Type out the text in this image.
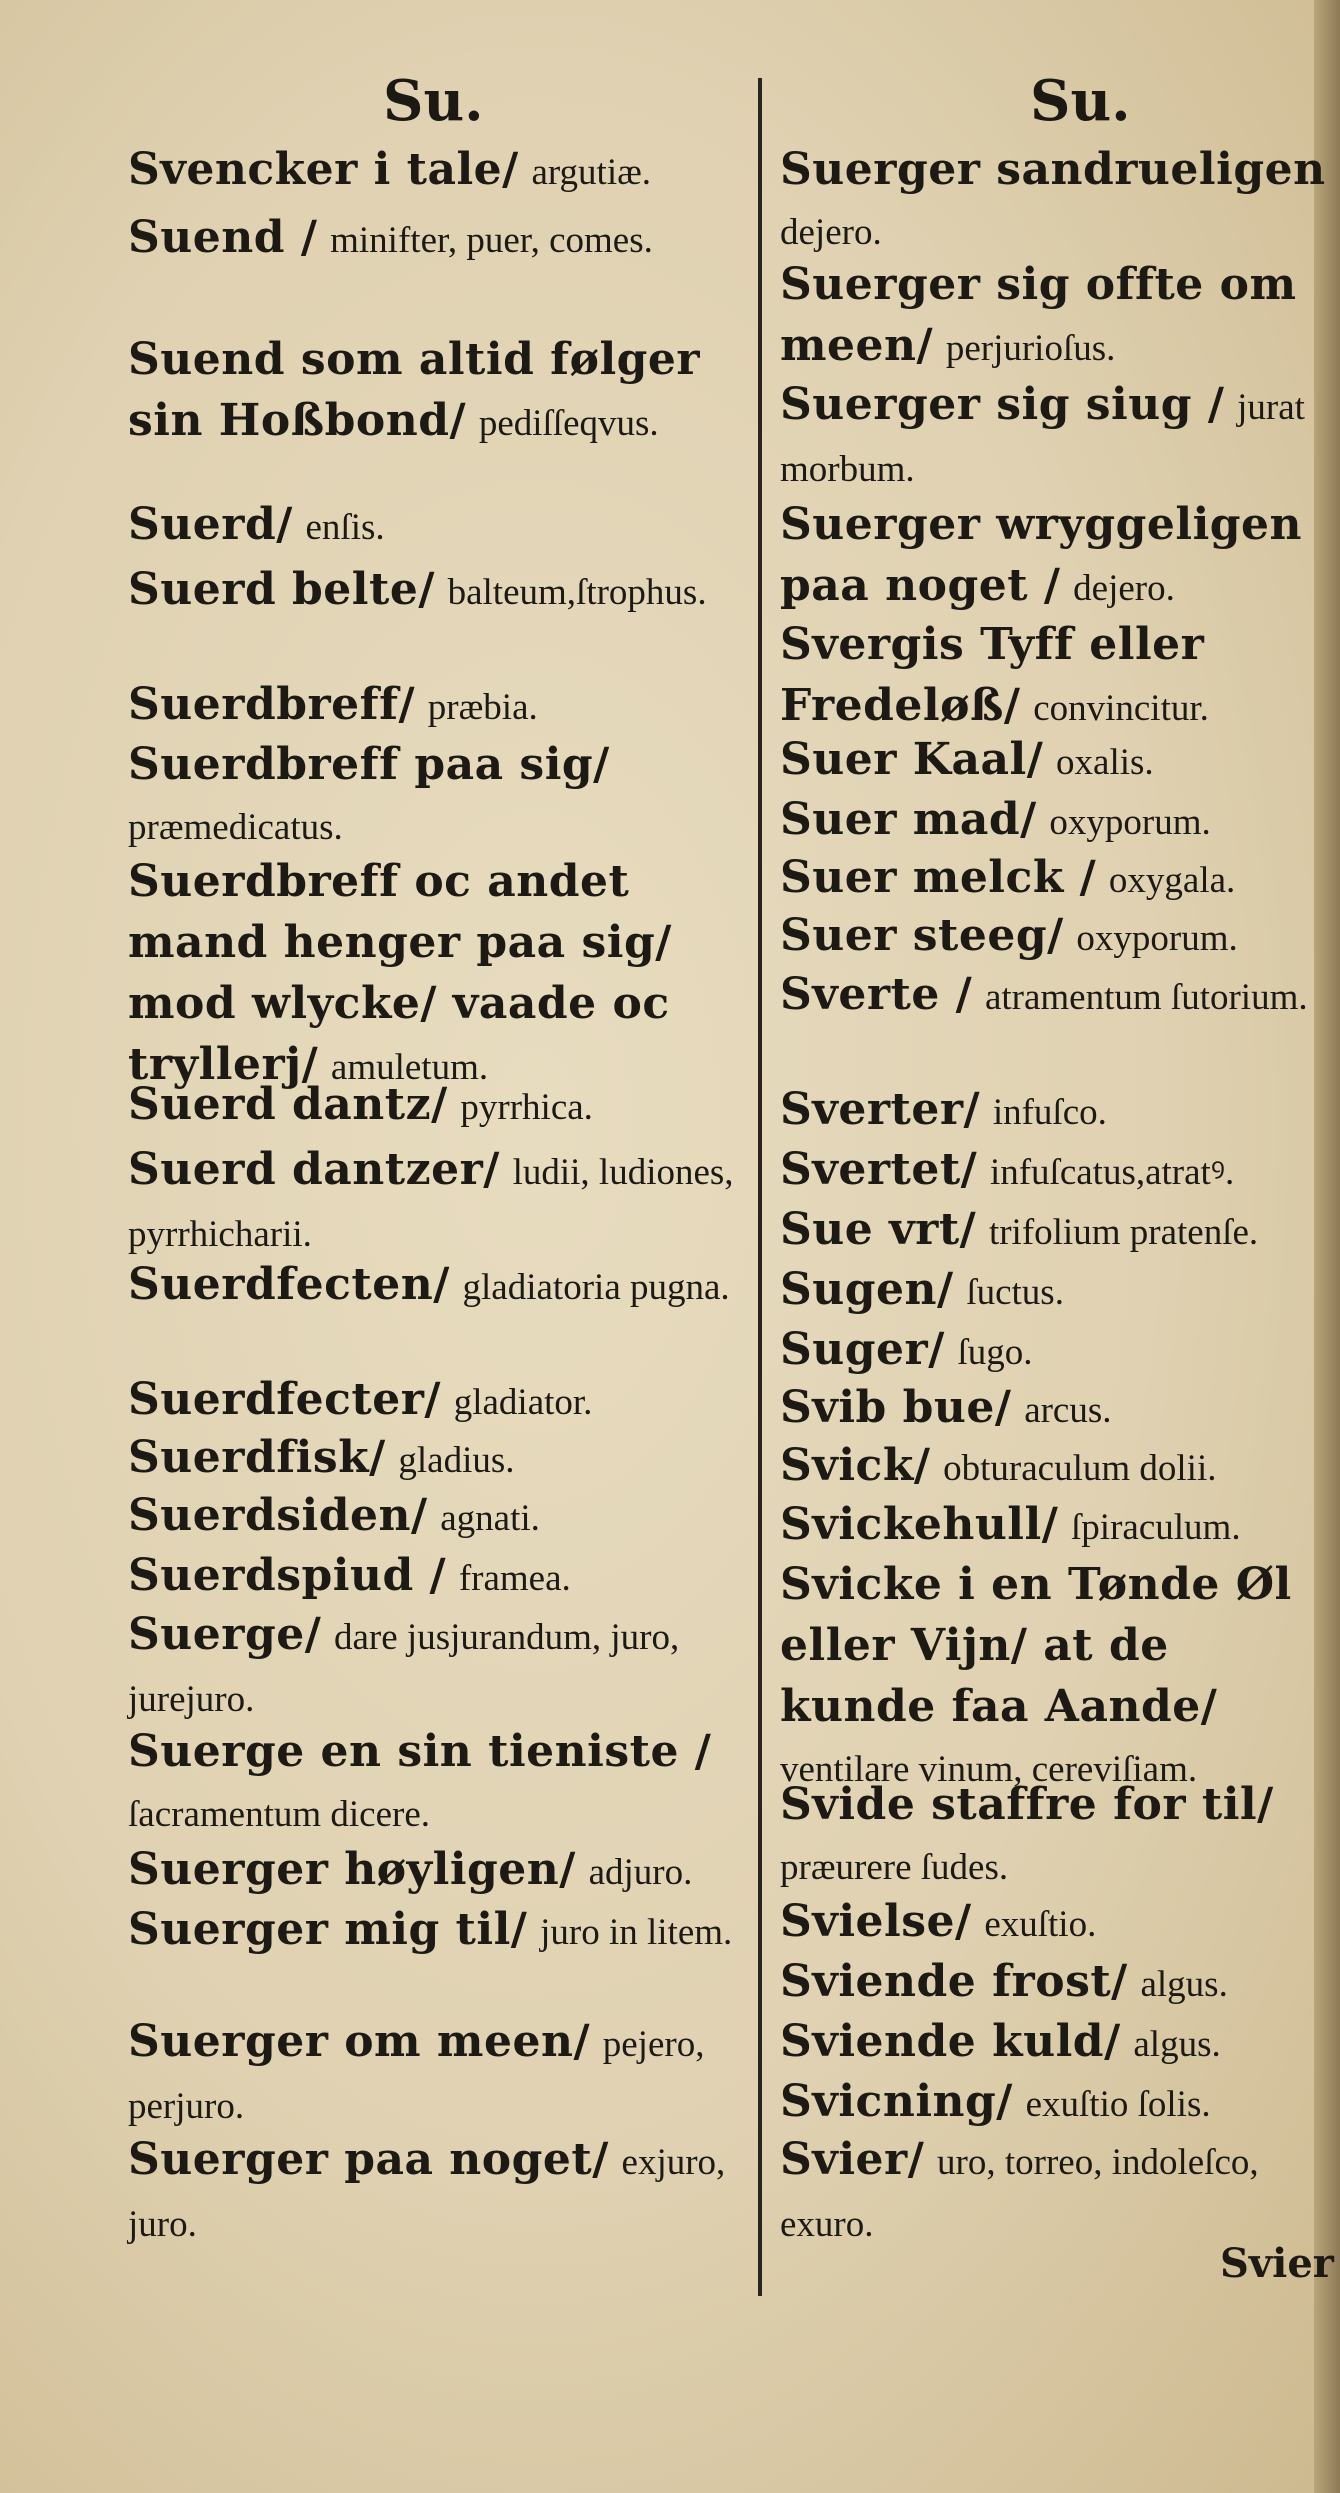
Su.
Svencker i tale/ argutiæ.
Suend / minifter, puer, comes.
Suend som altid følger sin Hoßbond/ pediſſeqvus.
Suerd/ enſis.
Suerd belte/ balteum,ſtrophus.
Suerdbreff/ præbia.
Suerdbreff paa sig/ præmedicatus.
Suerdbreff oc andet mand henger paa sig/ mod wlycke/ vaade oc tryllerj/ amuletum.
Suerd dantz/ pyrrhica.
Suerd dantzer/ ludii, ludiones, pyrrhicharii.
Suerdfecten/ gladiatoria pugna.
Suerdfecter/ gladiator.
Suerdfisk/ gladius.
Suerdsiden/ agnati.
Suerdspiud / framea.
Suerge/ dare jusjurandum, juro, jurejuro.
Suerge en sin tieniste / ſacramentum dicere.
Suerger høyligen/ adjuro.
Suerger mig til/ juro in litem.
Suerger om meen/ pejero, perjuro.
Suerger paa noget/ exjuro, juro.
Su.
Suerger sandrueligen dejero.
Suerger sig offte om meen/ perjurioſus.
Suerger sig siug / jurat morbum.
Suerger wryggeligen paa noget / dejero.
Svergis Tyff eller Fredeløß/ convincitur.
Suer Kaal/ oxalis.
Suer mad/ oxyporum.
Suer melck / oxygala.
Suer steeg/ oxyporum.
Sverte / atramentum ſutorium.
Sverter/ infuſco.
Svertet/ infuſcatus,atratꝰ.
Sue vrt/ trifolium pratenſe.
Sugen/ ſuctus.
Suger/ ſugo.
Svib bue/ arcus.
Svick/ obturaculum dolii.
Svickehull/ ſpiraculum.
Svicke i en Tønde Øl eller Vijn/ at de kunde faa Aande/ ventilare vinum, cereviſiam.
Svide staffre for til/ præurere ſudes.
Svielse/ exuſtio.
Sviende frost/ algus.
Sviende kuld/ algus.
Svicning/ exuſtio ſolis.
Svier/ uro, torreo, indoleſco, exuro.
Svier
